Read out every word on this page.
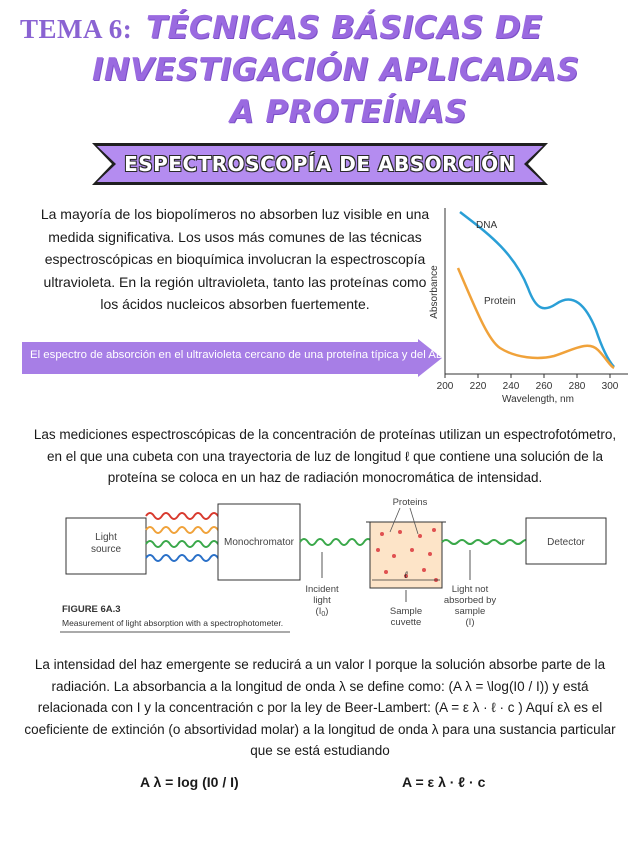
TEMA 6: TÉCNICAS BÁSICAS DE
INVESTIGACIÓN APLICADAS
A PROTEÍNAS
ESPECTROSCOPÍA DE ABSORCIÓN
La mayoría de los biopolímeros no absorben luz visible en una medida significativa. Los usos más comunes de las técnicas espectroscópicas en bioquímica involucran la espectroscopía ultravioleta. En la región ultravioleta, tanto las proteínas como los ácidos nucleicos absorben fuertemente.
El espectro de absorción en el ultravioleta cercano de una proteína típica y del ADN
200 220 240 260 280 300
Wavelength, nm
Absorbance
DNA
Protein
Las mediciones espectroscópicas de la concentración de proteínas utilizan un espectrofotómetro, en el que una cubeta con una trayectoria de luz de longitud ℓ que contiene una solución de la proteína se coloca en un haz de radiación monocromática de intensidad.
Light
source
Monochromator
Incident
light
$(I_0)$
Proteins
ℓ
Sample
cuvette
Light not
absorbed by
sample
(I)
Detector
FIGURE 6A.3
Measurement of light absorption with a spectrophotometer.
La intensidad del haz emergente se reducirá a un valor I porque la solución absorbe parte de la radiación. La absorbancia a la longitud de onda λ se define como: (A λ = \log(I0 / I)) y está relacionada con I y la concentración c por la ley de Beer-Lambert: (A = ε λ · ℓ · c ) Aquí ελ es el coeficiente de extinción (o absortividad molar) a la longitud de onda λ para una sustancia particular que se está estudiando
A λ = log (I0 / I)	A = ε λ · ℓ · c
